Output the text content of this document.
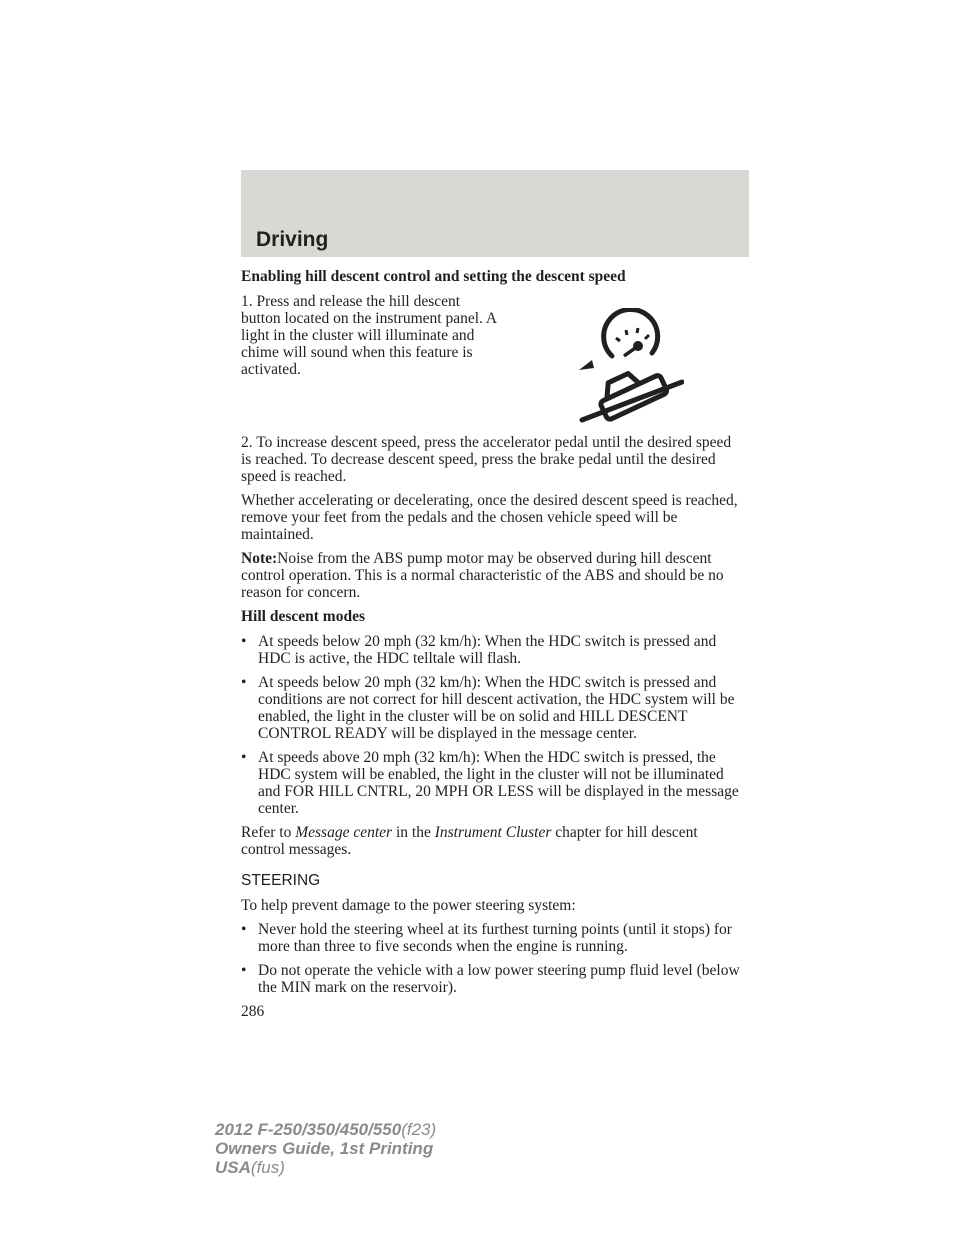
Driving

Enabling hill descent control and setting the descent speed

1. Press and release the hill descent button located on the instrument panel. A light in the cluster will illuminate and chime will sound when this feature is activated.

2. To increase descent speed, press the accelerator pedal until the desired speed is reached. To decrease descent speed, press the brake pedal until the desired speed is reached.

Whether accelerating or decelerating, once the desired descent speed is reached, remove your feet from the pedals and the chosen vehicle speed will be maintained.

Note:Noise from the ABS pump motor may be observed during hill descent control operation. This is a normal characteristic of the ABS and should be no reason for concern.

Hill descent modes

• At speeds below 20 mph (32 km/h): When the HDC switch is pressed and HDC is active, the HDC telltale will flash.
• At speeds below 20 mph (32 km/h): When the HDC switch is pressed and conditions are not correct for hill descent activation, the HDC system will be enabled, the light in the cluster will be on solid and HILL DESCENT CONTROL READY will be displayed in the message center.
• At speeds above 20 mph (32 km/h): When the HDC switch is pressed, the HDC system will be enabled, the light in the cluster will not be illuminated and FOR HILL CNTRL, 20 MPH OR LESS will be displayed in the message center.

Refer to Message center in the Instrument Cluster chapter for hill descent control messages.

STEERING

To help prevent damage to the power steering system:

• Never hold the steering wheel at its furthest turning points (until it stops) for more than three to five seconds when the engine is running.
• Do not operate the vehicle with a low power steering pump fluid level (below the MIN mark on the reservoir).
286
2012 F-250/350/450/550(f23)
Owners Guide, 1st Printing
USA(fus)
